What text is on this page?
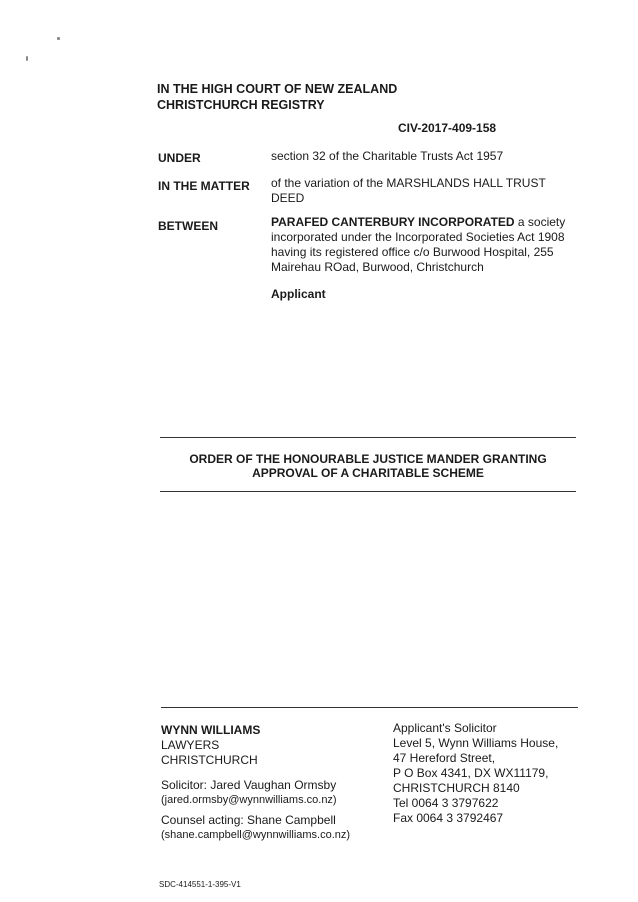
IN THE HIGH COURT OF NEW ZEALAND
CHRISTCHURCH REGISTRY
CIV-2017-409-158
UNDER	section 32 of the Charitable Trusts Act 1957
IN THE MATTER of the variation of the MARSHLANDS HALL TRUST
DEED
BETWEEN	PARAFED CANTERBURY INCORPORATED a society
incorporated under the Incorporated Societies Act 1908
having its registered office c/o Burwood Hospital, 255
Mairehau ROad, Burwood, Christchurch
Applicant
ORDER OF THE HONOURABLE JUSTICE MANDER GRANTING
APPROVAL OF A CHARITABLE SCHEME
WYNN WILLIAMS
LAWYERS
CHRISTCHURCH
Solicitor: Jared Vaughan Ormsby
(jared.ormsby@wynnwilliams.co.nz)
Counsel acting: Shane Campbell
(shane.campbell@wynnwilliams.co.nz)
Applicant's Solicitor
Level 5, Wynn Williams House,
47 Hereford Street,
P O Box 4341, DX WX11179,
CHRISTCHURCH 8140
Tel 0064 3 3797622
Fax 0064 3 3792467
SDC-414551-1-395-V1
